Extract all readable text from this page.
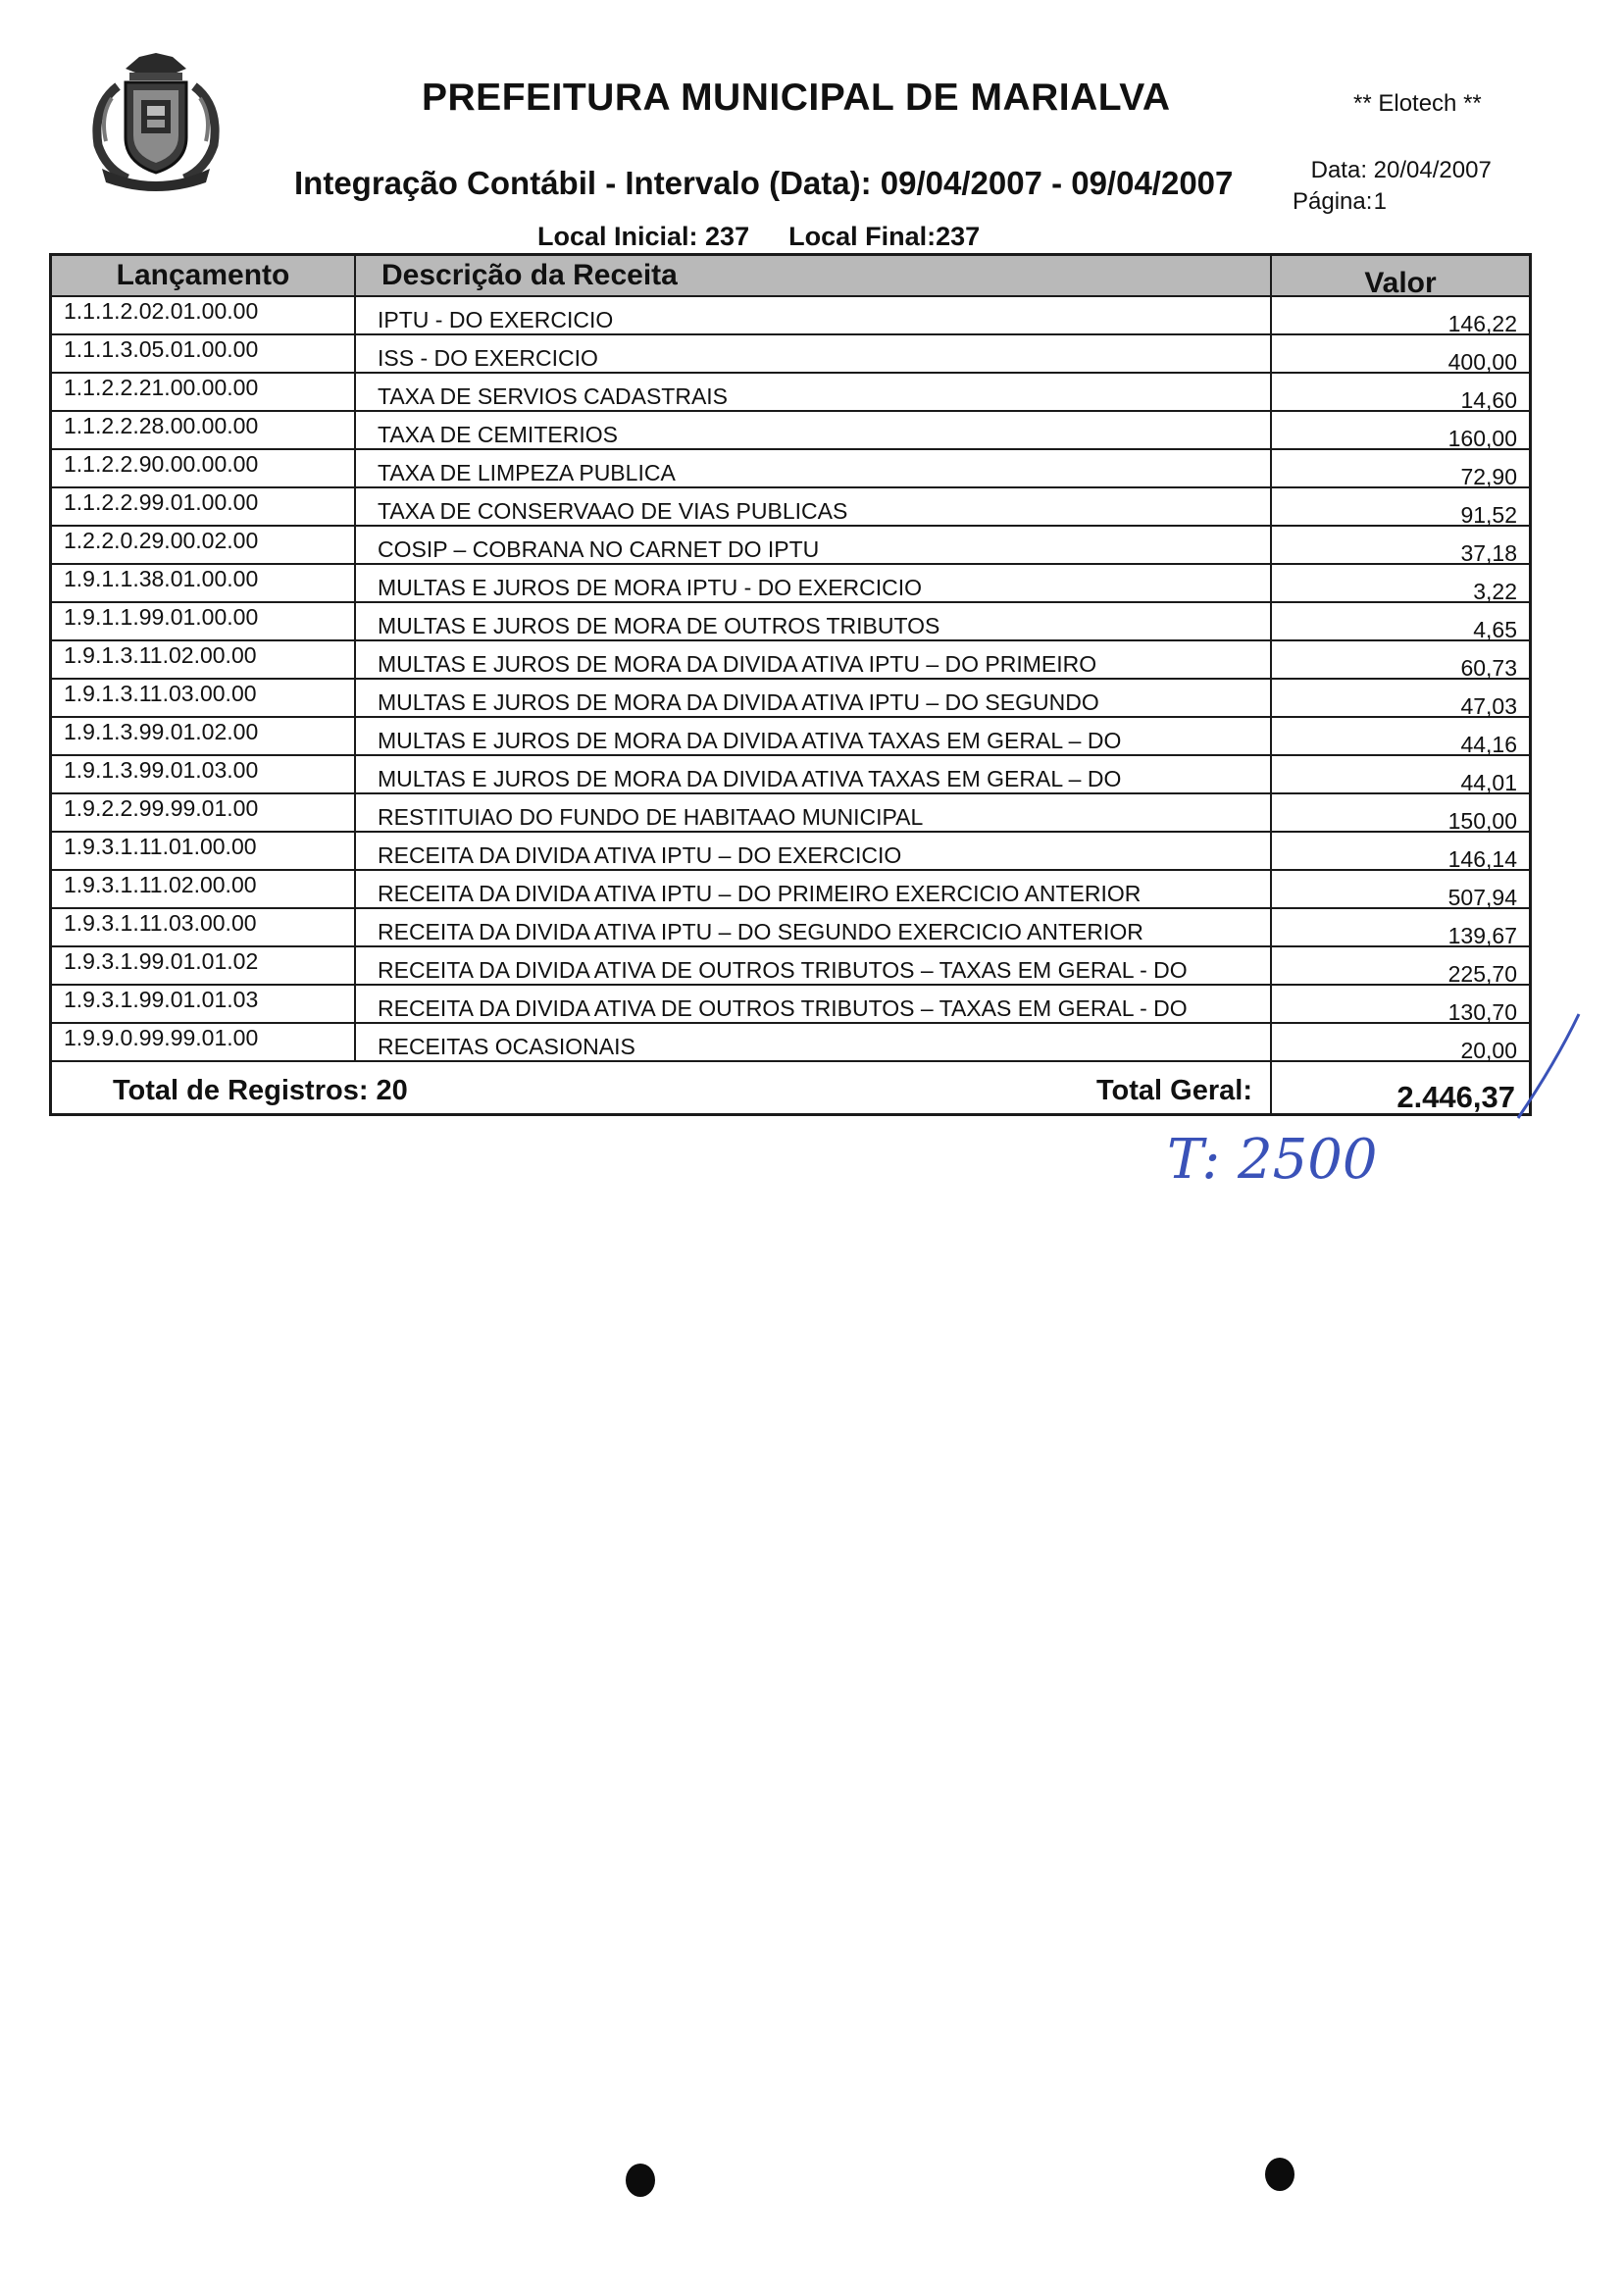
PREFEITURA MUNICIPAL DE MARIALVA	** Elotech **
Integração Contábil - Intervalo (Data): 09/04/2007 - 09/04/2007	Data: 20/04/2007
Página: 1
Local Inicial: 237 Local Final:237
Lançamento	Descrição da Receita	Valor
1.1.1.2.02.01.00.00	IPTU - DO EXERCICIO	146,22
1.1.1.3.05.01.00.00	ISS - DO EXERCICIO	400,00
1.1.2.2.21.00.00.00	TAXA DE SERVIOS CADASTRAIS	14,60
1.1.2.2.28.00.00.00	TAXA DE CEMITERIOS	160,00
1.1.2.2.90.00.00.00	TAXA DE LIMPEZA PUBLICA	72,90
1.1.2.2.99.01.00.00	TAXA DE CONSERVAAO DE VIAS PUBLICAS	91,52
1.2.2.0.29.00.02.00	COSIP – COBRANA NO CARNET DO IPTU	37,18
1.9.1.1.38.01.00.00	MULTAS E JUROS DE MORA IPTU - DO EXERCICIO	3,22
1.9.1.1.99.01.00.00	MULTAS E JUROS DE MORA DE OUTROS TRIBUTOS	4,65
1.9.1.3.11.02.00.00	MULTAS E JUROS DE MORA DA DIVIDA ATIVA IPTU – DO PRIMEIRO	60,73
1.9.1.3.11.03.00.00	MULTAS E JUROS DE MORA DA DIVIDA ATIVA IPTU – DO SEGUNDO	47,03
1.9.1.3.99.01.02.00	MULTAS E JUROS DE MORA DA DIVIDA ATIVA TAXAS EM GERAL – DO	44,16
1.9.1.3.99.01.03.00	MULTAS E JUROS DE MORA DA DIVIDA ATIVA TAXAS EM GERAL – DO	44,01
1.9.2.2.99.99.01.00	RESTITUIAO DO FUNDO DE HABITAAO MUNICIPAL	150,00
1.9.3.1.11.01.00.00	RECEITA DA DIVIDA ATIVA IPTU – DO EXERCICIO	146,14
1.9.3.1.11.02.00.00	RECEITA DA DIVIDA ATIVA IPTU – DO PRIMEIRO EXERCICIO ANTERIOR	507,94
1.9.3.1.11.03.00.00	RECEITA DA DIVIDA ATIVA IPTU – DO SEGUNDO EXERCICIO ANTERIOR	139,67
1.9.3.1.99.01.01.02	RECEITA DA DIVIDA ATIVA DE OUTROS TRIBUTOS – TAXAS EM GERAL - DO	225,70
1.9.3.1.99.01.01.03	RECEITA DA DIVIDA ATIVA DE OUTROS TRIBUTOS – TAXAS EM GERAL - DO	130,70
1.9.9.0.99.99.01.00	RECEITAS OCASIONAIS	20,00
Total de Registros: 20	Total Geral:	2.446,37
T: 2500
